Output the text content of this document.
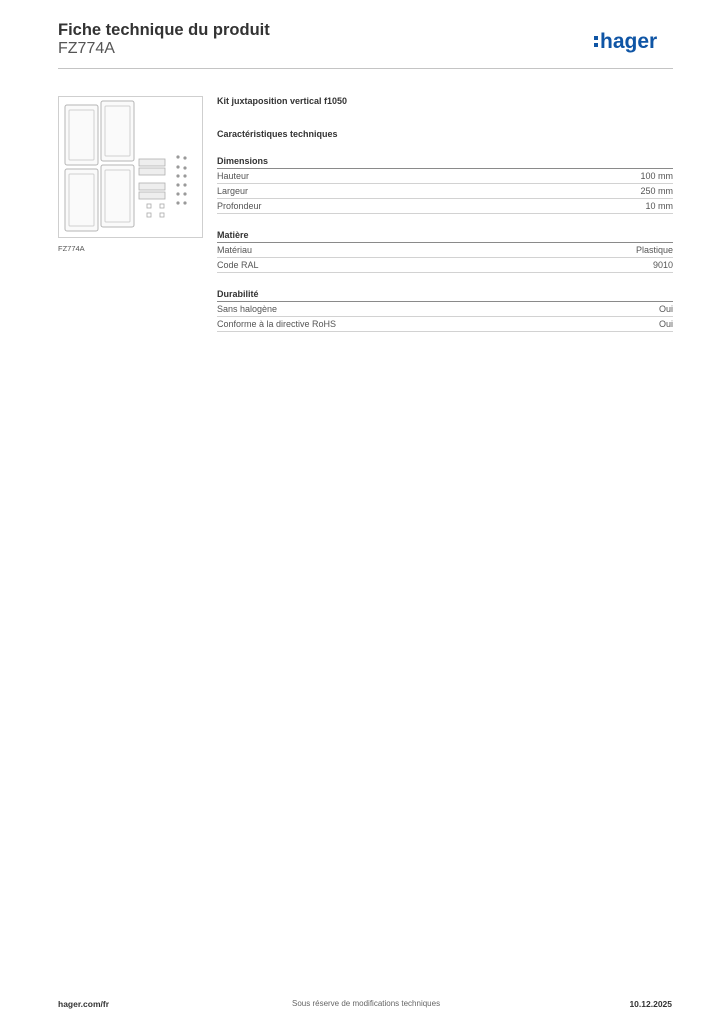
Fiche technique du produit
FZ774A	hager
FZ774A
Kit juxtaposition vertical f1050
Caractéristiques techniques
Dimensions
Hauteur	100 mm
Largeur	250 mm
Profondeur	10 mm
Matière
Matériau	Plastique
Code RAL	9010
Durabilité
Sans halogène	Oui
Conforme à la directive RoHS	Oui
hager.com/fr	Sous réserve de modifications techniques	10.12.2025
